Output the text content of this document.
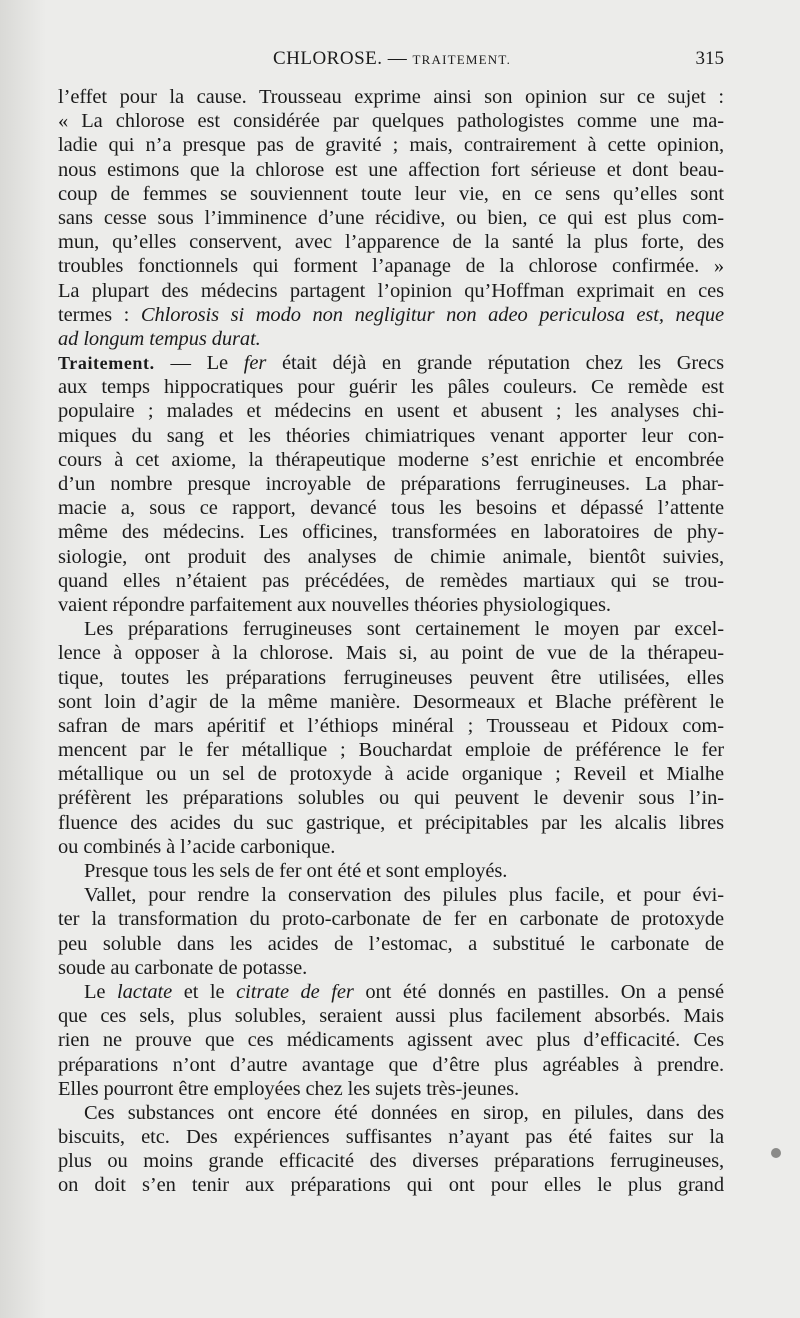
CHLOROSE. — TRAITEMENT.	315
l’effet pour la cause. Trousseau exprime ainsi son opinion sur ce sujet :
« La chlorose est considérée par quelques pathologistes comme une ma-
ladie qui n’a presque pas de gravité ; mais, contrairement à cette opinion,
nous estimons que la chlorose est une affection fort sérieuse et dont beau-
coup de femmes se souviennent toute leur vie, en ce sens qu’elles sont
sans cesse sous l’imminence d’une récidive, ou bien, ce qui est plus com-
mun, qu’elles conservent, avec l’apparence de la santé la plus forte, des
troubles fonctionnels qui forment l’apanage de la chlorose confirmée. »
La plupart des médecins partagent l’opinion qu’Hoffman exprimait en ces
termes : Chlorosis si modo non negligitur non adeo periculosa est, neque
ad longum tempus durat.
Traitement. — Le fer était déjà en grande réputation chez les Grecs
aux temps hippocratiques pour guérir les pâles couleurs. Ce remède est
populaire ; malades et médecins en usent et abusent ; les analyses chi-
miques du sang et les théories chimiatriques venant apporter leur con-
cours à cet axiome, la thérapeutique moderne s’est enrichie et encombrée
d’un nombre presque incroyable de préparations ferrugineuses. La phar-
macie a, sous ce rapport, devancé tous les besoins et dépassé l’attente
même des médecins. Les officines, transformées en laboratoires de phy-
siologie, ont produit des analyses de chimie animale, bientôt suivies,
quand elles n’étaient pas précédées, de remèdes martiaux qui se trou-
vaient répondre parfaitement aux nouvelles théories physiologiques.
Les préparations ferrugineuses sont certainement le moyen par excel-
lence à opposer à la chlorose. Mais si, au point de vue de la thérapeu-
tique, toutes les préparations ferrugineuses peuvent être utilisées, elles
sont loin d’agir de la même manière. Desormeaux et Blache préfèrent le
safran de mars apéritif et l’éthiops minéral ; Trousseau et Pidoux com-
mencent par le fer métallique ; Bouchardat emploie de préférence le fer
métallique ou un sel de protoxyde à acide organique ; Reveil et Mialhe
préfèrent les préparations solubles ou qui peuvent le devenir sous l’in-
fluence des acides du suc gastrique, et précipitables par les alcalis libres
ou combinés à l’acide carbonique.
Presque tous les sels de fer ont été et sont employés.
Vallet, pour rendre la conservation des pilules plus facile, et pour évi-
ter la transformation du proto-carbonate de fer en carbonate de protoxyde
peu soluble dans les acides de l’estomac, a substitué le carbonate de
soude au carbonate de potasse.
Le lactate et le citrate de fer ont été donnés en pastilles. On a pensé
que ces sels, plus solubles, seraient aussi plus facilement absorbés. Mais
rien ne prouve que ces médicaments agissent avec plus d’efficacité. Ces
préparations n’ont d’autre avantage que d’être plus agréables à prendre.
Elles pourront être employées chez les sujets très-jeunes.
Ces substances ont encore été données en sirop, en pilules, dans des
biscuits, etc. Des expériences suffisantes n’ayant pas été faites sur la
plus ou moins grande efficacité des diverses préparations ferrugineuses,
on doit s’en tenir aux préparations qui ont pour elles le plus grand
